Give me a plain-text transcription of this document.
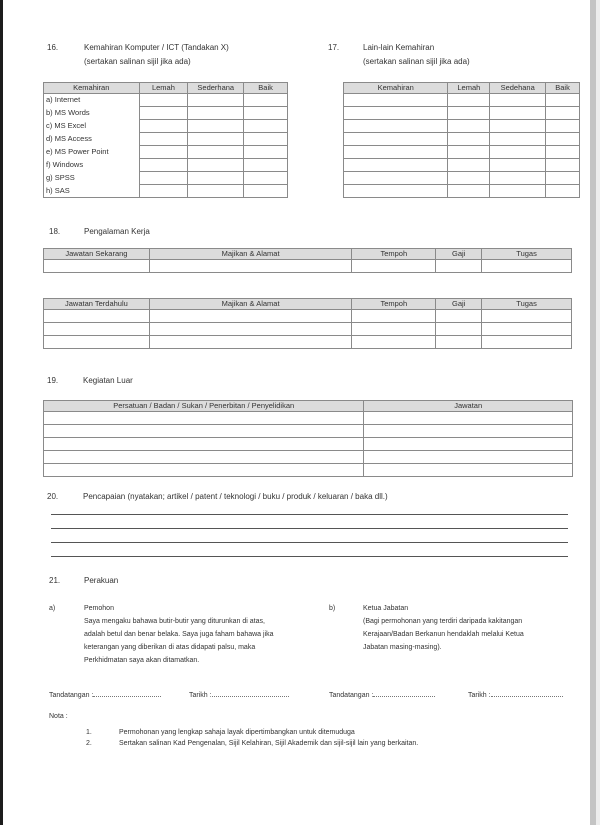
16.	Kemahiran Komputer / ICT (Tandakan X)
(sertakan salinan sijil jika ada)
Kemahiran	Lemah	Sederhana	Baik
a) Internet			
b) MS Words			
c) MS Excel			
d) MS Access			
e) MS Power Point			
f) Windows			
g) SPSS			
h) SAS			
17.	Lain-lain Kemahiran
(sertakan salinan sijil jika ada)
Kemahiran	Lemah	Sedehana	Baik

18.	Pengalaman Kerja
Jawatan Sekarang	Majikan & Alamat	Tempoh	Gaji	Tugas

Jawatan Terdahulu	Majikan & Alamat	Tempoh	Gaji	Tugas

19.	Kegiatan Luar
Persatuan / Badan / Sukan / Penerbitan / Penyelidikan	Jawatan

20.	Pencapaian (nyatakan; artikel / patent / teknologi / buku / produk / keluaran / baka dll.)
21.	Perakuan
a)	Pemohon
Saya mengaku bahawa butir-butir yang diturunkan di atas,
adalah betul dan benar belaka. Saya juga faham bahawa jika
keterangan yang diberikan di atas didapati palsu, maka
Perkhidmatan saya akan ditamatkan.
b)	Ketua Jabatan
(Bagi permohonan yang terdiri daripada kakitangan
Kerajaan/Badan Berkanun hendaklah melalui Ketua
Jabatan masing-masing).
Tandatangan :	Tarikh :	Tandatangan :	Tarikh :
Nota :
1.	Permohonan yang lengkap sahaja layak dipertimbangkan untuk ditemuduga
2.	Sertakan salinan Kad Pengenalan, Sijil Kelahiran, Sijil Akademik dan sijil-sijil lain yang berkaitan.
